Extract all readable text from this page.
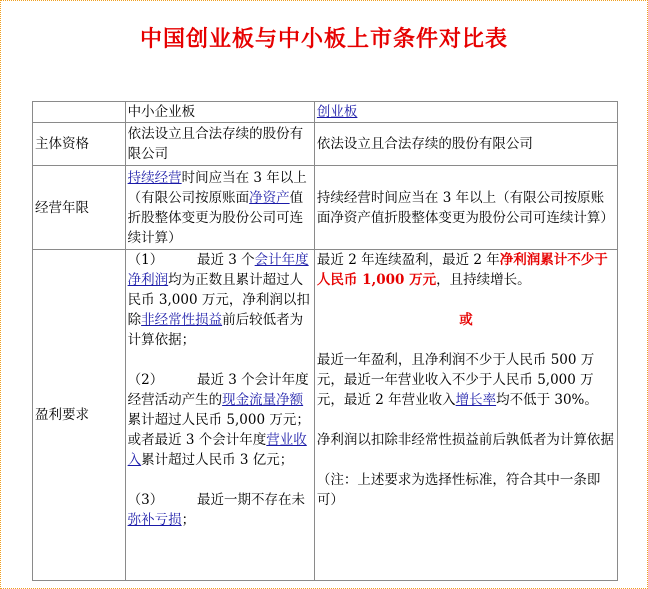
中国创业板与中小板上市条件对比表
	中小企业板	创业板
主体资格	依法设立且合法存续的股份有限公司	依法设立且合法存续的股份有限公司
经营年限	持续经营时间应当在 3 年以上（有限公司按原账面净资产值折股整体变更为股份公司可连续计算）	持续经营时间应当在 3 年以上（有限公司按原账面净资产值折股整体变更为股份公司可连续计算）
盈利要求	（1）　　　最近 3 个会计年度净利润均为正数且累计超过人民币 3,000 万元，净利润以扣除非经常性损益前后较低者为计算依据；
（2）　　　最近 3 个会计年度经营活动产生的现金流量净额累计超过人民币 5,000 万元；或者最近 3 个会计年度营业收入累计超过人民币 3 亿元；
（3）　　　最近一期不存在未弥补亏损；	最近 2 年连续盈利，最近 2 年净利润累计不少于人民币 1,000 万元，且持续增长。
或
最近一年盈利，且净利润不少于人民币 500 万元，最近一年营业收入不少于人民币 5,000 万元，最近 2 年营业收入增长率均不低于 30%。
净利润以扣除非经常性损益前后孰低者为计算依据
（注：上述要求为选择性标准，符合其中一条即可）
